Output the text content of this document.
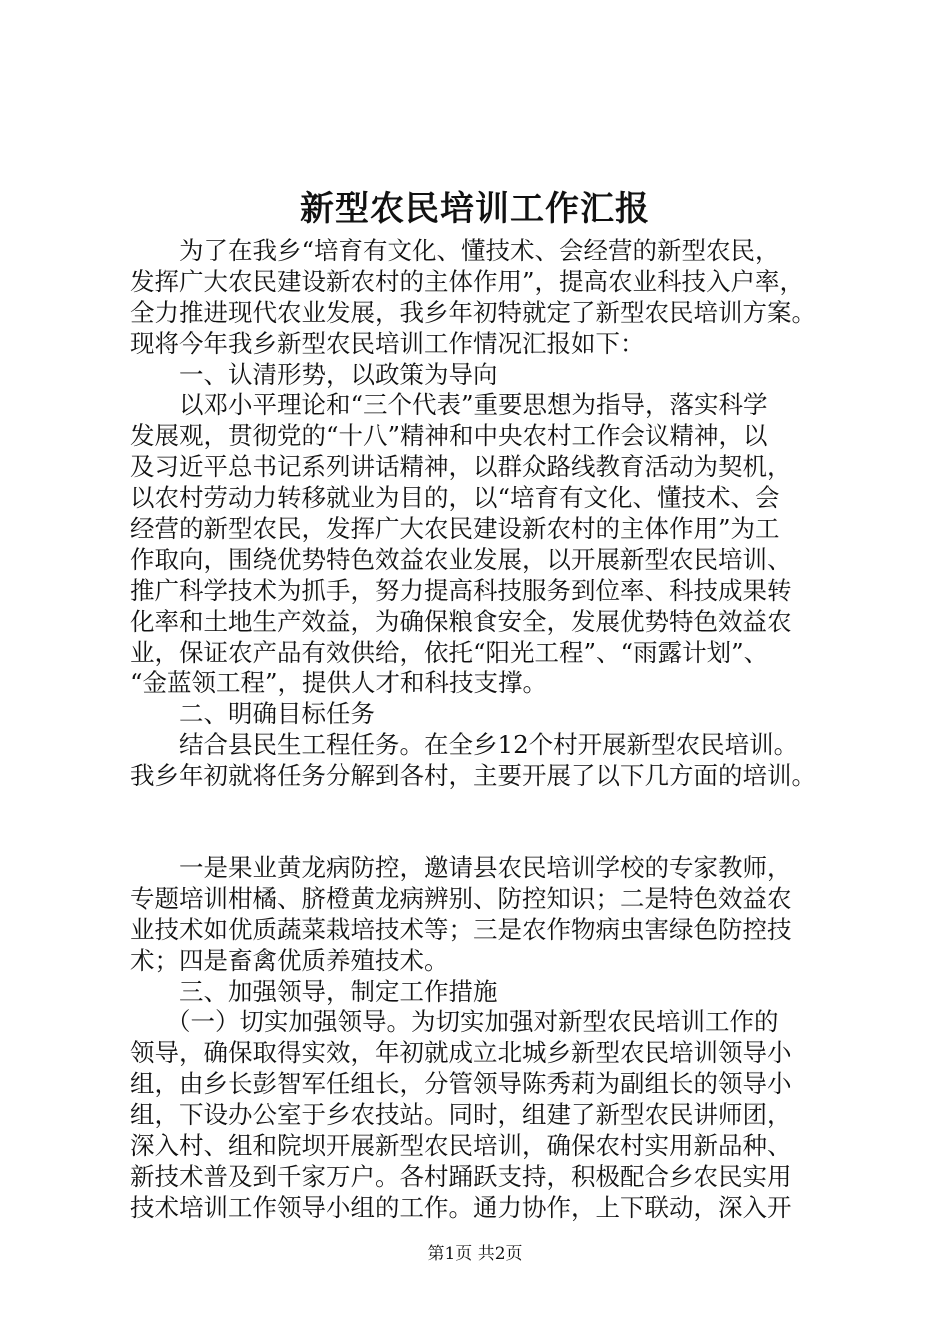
新型农民培训工作汇报
为了在我乡“培育有文化、懂技术、会经营的新型农民，
发挥广大农民建设新农村的主体作用”，提高农业科技入户率，
全力推进现代农业发展，我乡年初特就定了新型农民培训方案。
现将今年我乡新型农民培训工作情况汇报如下：
一、认清形势，以政策为导向
以邓小平理论和“三个代表”重要思想为指导，落实科学
发展观，贯彻党的“十八”精神和中央农村工作会议精神，以
及习近平总书记系列讲话精神，以群众路线教育活动为契机，
以农村劳动力转移就业为目的，以“培育有文化、懂技术、会
经营的新型农民，发挥广大农民建设新农村的主体作用”为工
作取向，围绕优势特色效益农业发展，以开展新型农民培训、
推广科学技术为抓手，努力提高科技服务到位率、科技成果转
化率和土地生产效益，为确保粮食安全，发展优势特色效益农
业，保证农产品有效供给，依托“阳光工程”、“雨露计划”、
“金蓝领工程”，提供人才和科技支撑。
二、明确目标任务
结合县民生工程任务。在全乡12个村开展新型农民培训。
我乡年初就将任务分解到各村，主要开展了以下几方面的培训。
一是果业黄龙病防控，邀请县农民培训学校的专家教师，
专题培训柑橘、脐橙黄龙病辨别、防控知识；二是特色效益农
业技术如优质蔬菜栽培技术等；三是农作物病虫害绿色防控技
术；四是畜禽优质养殖技术。
三、加强领导，制定工作措施
（一）切实加强领导。为切实加强对新型农民培训工作的
领导，确保取得实效，年初就成立北城乡新型农民培训领导小
组，由乡长彭智军任组长，分管领导陈秀莉为副组长的领导小
组，下设办公室于乡农技站。同时，组建了新型农民讲师团，
深入村、组和院坝开展新型农民培训，确保农村实用新品种、
新技术普及到千家万户。各村踊跃支持，积极配合乡农民实用
技术培训工作领导小组的工作。通力协作，上下联动，深入开
第1页 共2页
